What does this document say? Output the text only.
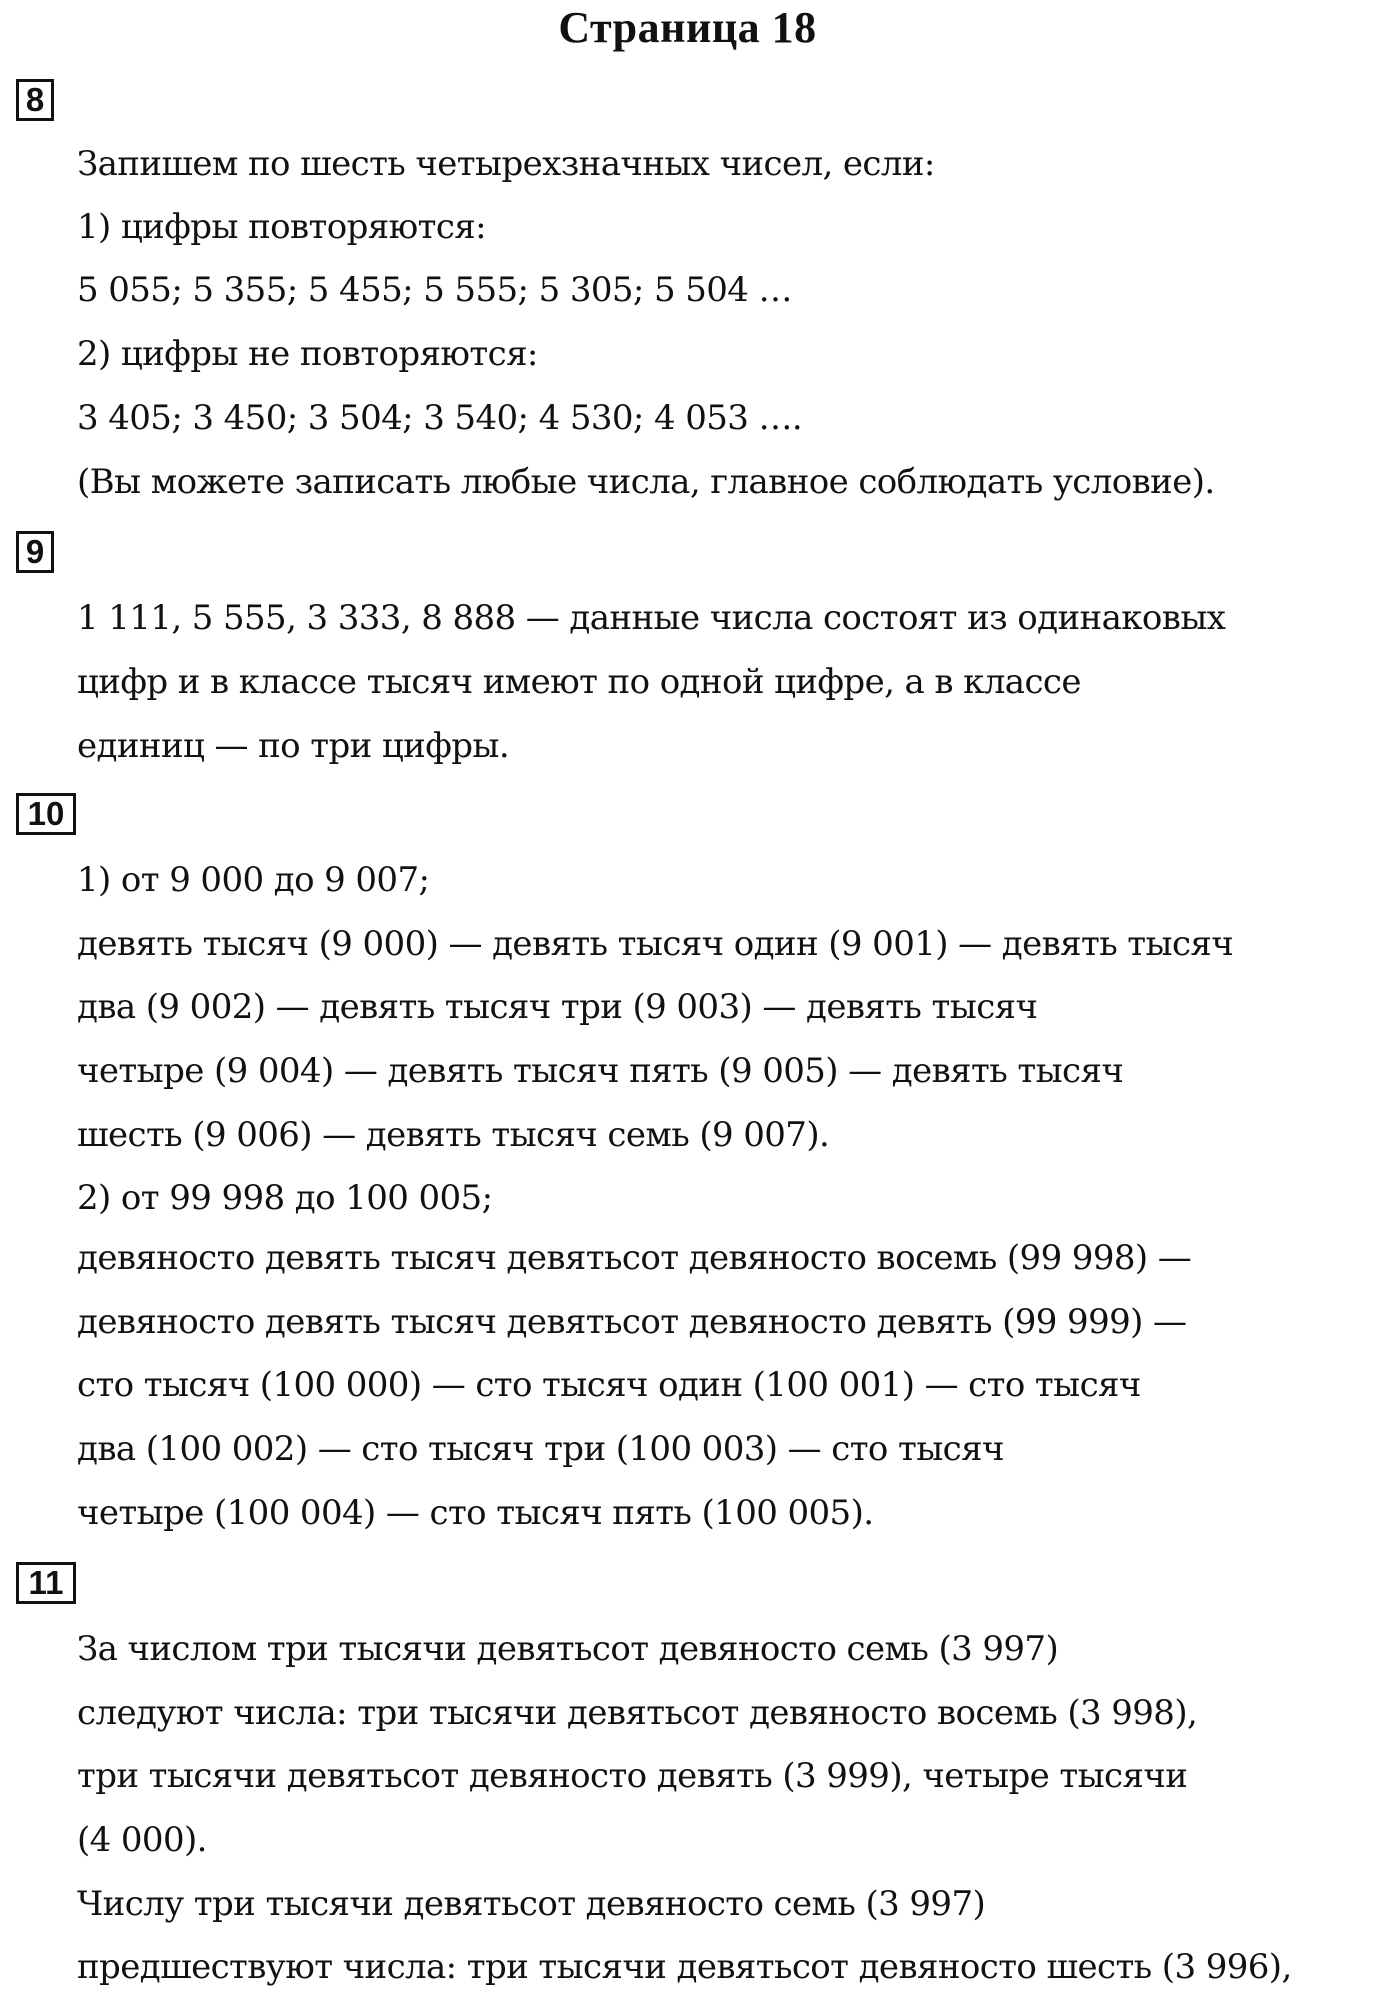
Страница 18
8
Запишем по шесть четырехзначных чисел, если:
1) цифры повторяются:
5 055; 5 355; 5 455; 5 555; 5 305; 5 504 …
2) цифры не повторяются:
3 405; 3 450; 3 504; 3 540; 4 530; 4 053 ….
(Вы можете записать любые числа, главное соблюдать условие).
9
1 111, 5 555, 3 333, 8 888 — данные числа состоят из одинаковых
цифр и в классе тысяч имеют по одной цифре, а в классе
единиц — по три цифры.
10
1) от 9 000 до 9 007;
девять тысяч (9 000) — девять тысяч один (9 001) — девять тысяч
два (9 002) — девять тысяч три (9 003) — девять тысяч
четыре (9 004) — девять тысяч пять (9 005) — девять тысяч
шесть (9 006) — девять тысяч семь (9 007).
2) от 99 998 до 100 005;
девяносто девять тысяч девятьсот девяносто восемь (99 998) —
девяносто девять тысяч девятьсот девяносто девять (99 999) —
сто тысяч (100 000) — сто тысяч один (100 001) — сто тысяч
два (100 002) — сто тысяч три (100 003) — сто тысяч
четыре (100 004) — сто тысяч пять (100 005).
11
За числом три тысячи девятьсот девяносто семь (3 997)
следуют числа: три тысячи девятьсот девяносто восемь (3 998),
три тысячи девятьсот девяносто девять (3 999), четыре тысячи
(4 000).
Числу три тысячи девятьсот девяносто семь (3 997)
предшествуют числа: три тысячи девятьсот девяносто шесть (3 996),
